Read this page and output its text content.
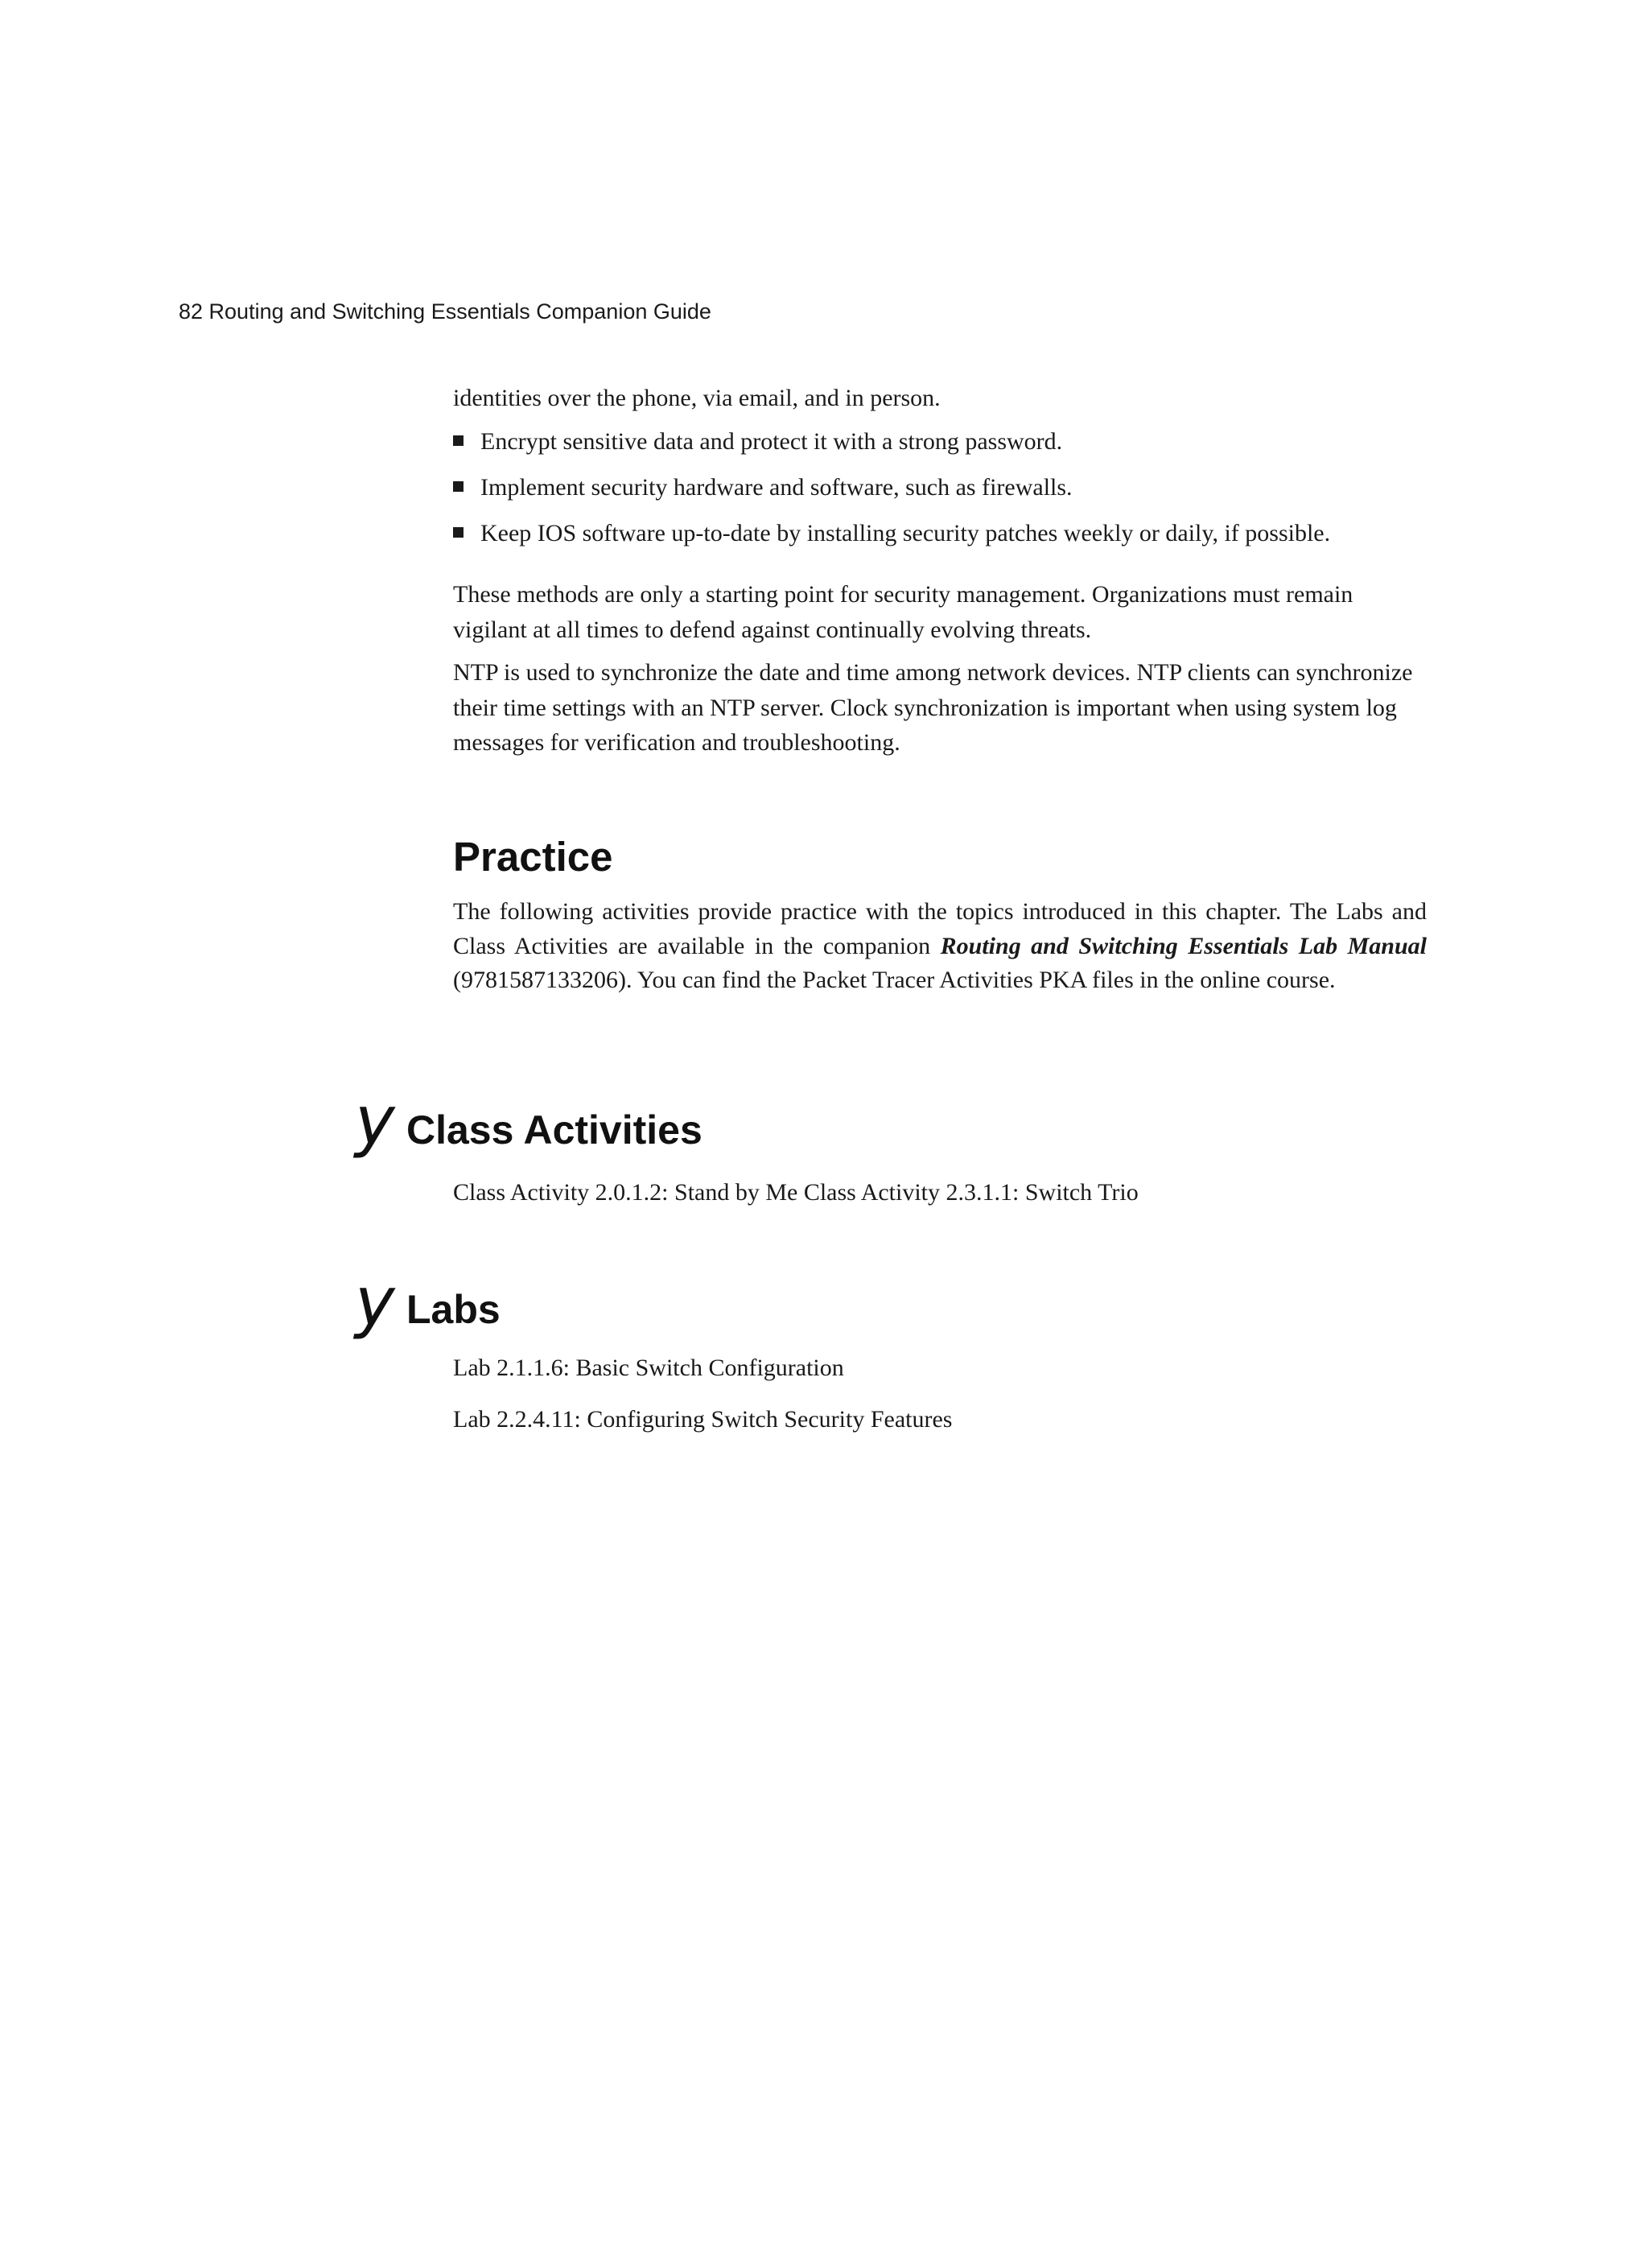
82 Routing and Switching Essentials Companion Guide
identities over the phone, via email, and in person.
Encrypt sensitive data and protect it with a strong password.
Implement security hardware and software, such as firewalls.
Keep IOS software up-to-date by installing security patches weekly or daily, if possible.

These methods are only a starting point for security management. Organizations must remain vigilant at all times to defend against continually evolving threats.

NTP is used to synchronize the date and time among network devices. NTP clients can synchronize their time settings with an NTP server. Clock synchronization is important when using system log messages for verification and troubleshooting.

Practice

The following activities provide practice with the topics introduced in this chapter. The Labs and Class Activities are available in the companion Routing and Switching Essentials Lab Manual (9781587133206). You can find the Packet Tracer Activities PKA files in the online course.

y Class Activities
Class Activity 2.0.1.2: Stand by Me Class Activity 2.3.1.1: Switch Trio
y Labs
Lab 2.1.1.6: Basic Switch Configuration
Lab 2.2.4.11: Configuring Switch Security Features
